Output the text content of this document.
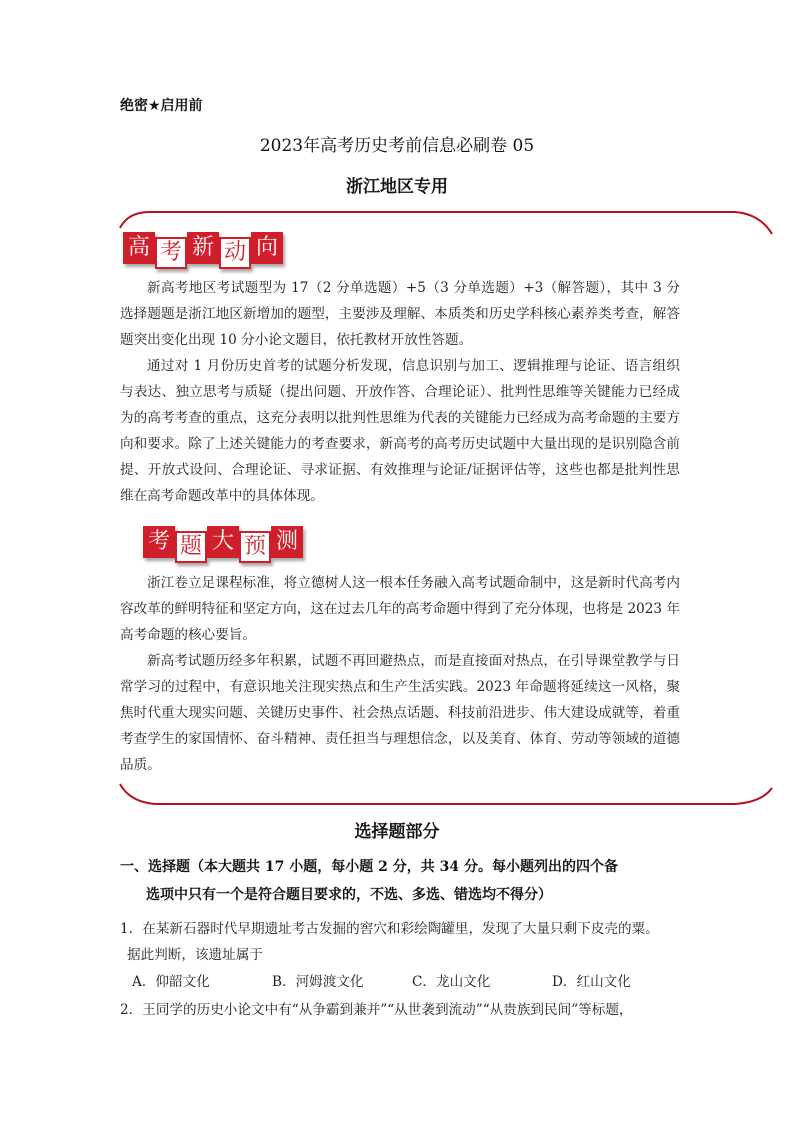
绝密★启用前
2023年高考历史考前信息必刷卷 05
浙江地区专用
高 考 新 动 向

新高考地区考试题型为 17（2 分单选题）+5（3 分单选题）+3（解答题），其中 3 分选择题题是浙江地区新增加的题型，主要涉及理解、本质类和历史学科核心素养类考查，解答题突出变化出现 10 分小论文题目，依托教材开放性答题。

通过对 1 月份历史首考的试题分析发现，信息识别与加工、逻辑推理与论证、语言组织与表达、独立思考与质疑（提出问题、开放作答、合理论证）、批判性思维等关键能力已经成为的高考考查的重点，这充分表明以批判性思维为代表的关键能力已经成为高考命题的主要方向和要求。除了上述关键能力的考查要求，新高考的高考历史试题中大量出现的是识别隐含前提、开放式设问、合理论证、寻求证据、有效推理与论证/证据评估等，这些也都是批判性思维在高考命题改革中的具体体现。

考 题 大 预 测

浙江卷立足课程标准，将立德树人这一根本任务融入高考试题命制中，这是新时代高考内容改革的鲜明特征和坚定方向，这在过去几年的高考命题中得到了充分体现，也将是 2023 年高考命题的核心要旨。

新高考试题历经多年积累，试题不再回避热点，而是直接面对热点，在引导课堂教学与日常学习的过程中，有意识地关注现实热点和生产生活实践。2023 年命题将延续这一风格，聚焦时代重大现实问题、关键历史事件、社会热点话题、科技前沿进步、伟大建设成就等，着重考查学生的家国情怀、奋斗精神、责任担当与理想信念，以及美育、体育、劳动等领域的道德品质。

选择题部分
一、选择题（本大题共 17 小题，每小题 2 分，共 34 分。每小题列出的四个备
选项中只有一个是符合题目要求的，不选、多选、错选均不得分）
1．在某新石器时代早期遗址考古发掘的窖穴和彩绘陶罐里，发现了大量只剩下皮壳的粟。
据此判断，该遗址属于
A．仰韶文化	B．河姆渡文化	C．龙山文化	D．红山文化
2．王同学的历史小论文中有“从争霸到兼并”“从世袭到流动”“从贵族到民间”等标题，
